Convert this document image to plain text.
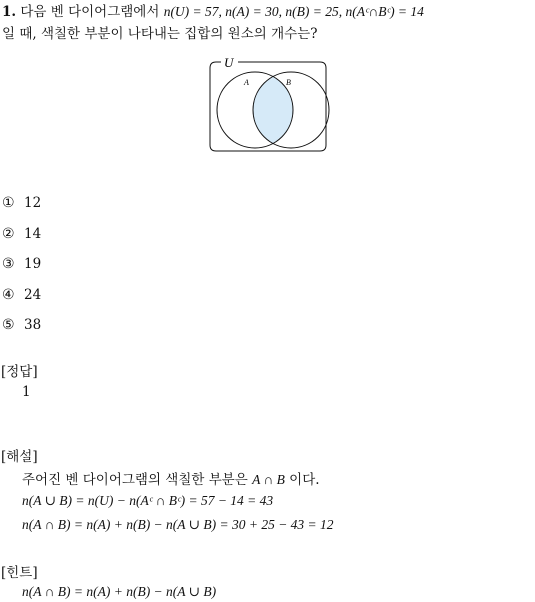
1. 다음 벤 다이어그램에서 n(U) = 57, n(A) = 30, n(B) = 25, n(Aᶜ∩Bᶜ) = 14
일 때, 색칠한 부분이 나타내는 집합의 원소의 개수는?
U
A	B
① 12
② 14
③ 19
④ 24
⑤ 38
[정답]
1
[해설]
주어진 벤 다이어그램의 색칠한 부분은 A ∩ B 이다.
n(A ∪ B) = n(U) − n(Aᶜ ∩ Bᶜ) = 57 − 14 = 43
n(A ∩ B) = n(A) + n(B) − n(A ∪ B) = 30 + 25 − 43 = 12
[힌트]
n(A ∩ B) = n(A) + n(B) − n(A ∪ B)
